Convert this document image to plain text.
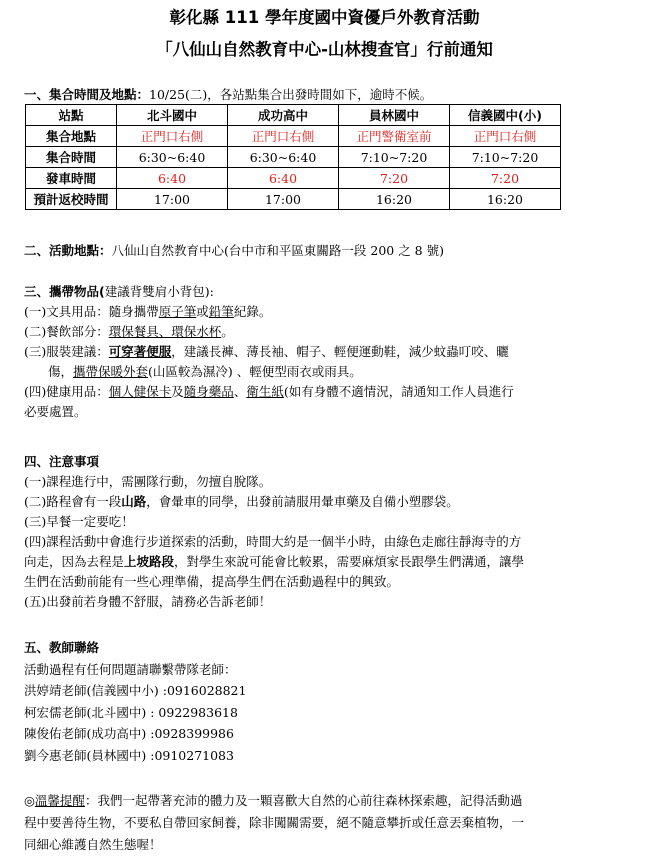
彰化縣 111 學年度國中資優戶外教育活動
「八仙山自然教育中心-山林搜查官」行前通知
一、集合時間及地點：10/25(二)，各站點集合出發時間如下，逾時不候。
站點	北斗國中	成功高中	員林國中	信義國中(小)
集合地點	正門口右側	正門口右側	正門警衛室前	正門口右側
集合時間	6:30~6:40	6:30~6:40	7:10~7:20	7:10~7:20
發車時間	6:40	6:40	7:20	7:20
預計返校時間	17:00	17:00	16:20	16:20
二、活動地點：八仙山自然教育中心(台中市和平區東關路一段 200 之 8 號)
三、攜帶物品(建議背雙肩小背包):
(一)文具用品：隨身攜帶原子筆或鉛筆紀錄。
(二)餐飲部分：環保餐具、環保水杯。
(三)服裝建議：可穿著便服，建議長褲、薄長袖、帽子、輕便運動鞋，減少蚊蟲叮咬、曬
傷，攜帶保暖外套(山區較為濕冷) 、輕便型雨衣或雨具。
(四)健康用品：個人健保卡及隨身藥品、衛生紙(如有身體不適情況，請通知工作人員進行
必要處置。
四、注意事項
(一)課程進行中，需團隊行動，勿擅自脫隊。
(二)路程會有一段山路，會暈車的同學，出發前請服用暈車藥及自備小塑膠袋。
(三)早餐一定要吃！
(四)課程活動中會進行步道探索的活動，時間大約是一個半小時，由綠色走廊往靜海寺的方
向走，因為去程是上坡路段，對學生來說可能會比較累，需要麻煩家長跟學生們溝通，讓學
生們在活動前能有一些心理準備，提高學生們在活動過程中的興致。
(五)出發前若身體不舒服，請務必告訴老師！
五、教師聯絡
活動過程有任何問題請聯繫帶隊老師：
洪婷靖老師(信義國中小) :0916028821
柯宏儒老師(北斗國中) : 0922983618
陳俊佑老師(成功高中) :0928399986
劉今惠老師(員林國中) :0910271083
◎溫馨提醒：我們一起帶著充沛的體力及一顆喜歡大自然的心前往森林探索趣，記得活動過
程中要善待生物，不要私自帶回家飼養，除非闖關需要，絕不隨意攀折或任意丟棄植物，一
同細心維護自然生態喔！
